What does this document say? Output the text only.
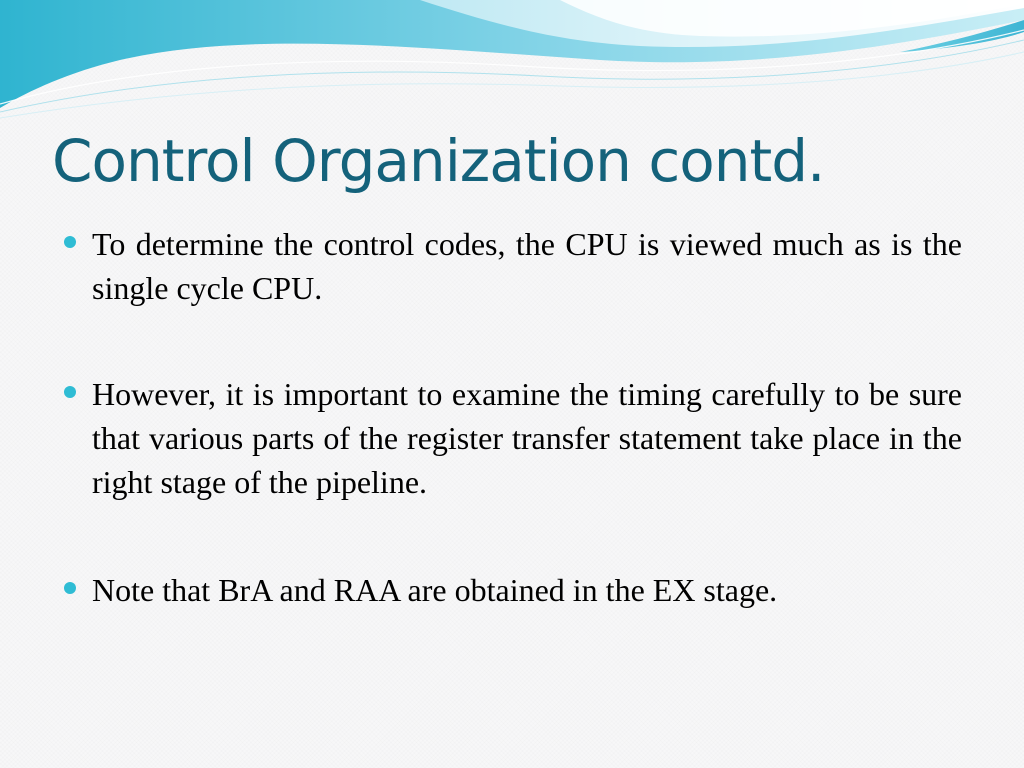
Control Organization contd.
To determine the control codes, the CPU is viewed much as is the single cycle CPU.
However, it is important to examine the timing carefully to be sure that various parts of the register transfer statement take place in the right stage of the pipeline.
Note that BrA and RAA are obtained in the EX stage.
